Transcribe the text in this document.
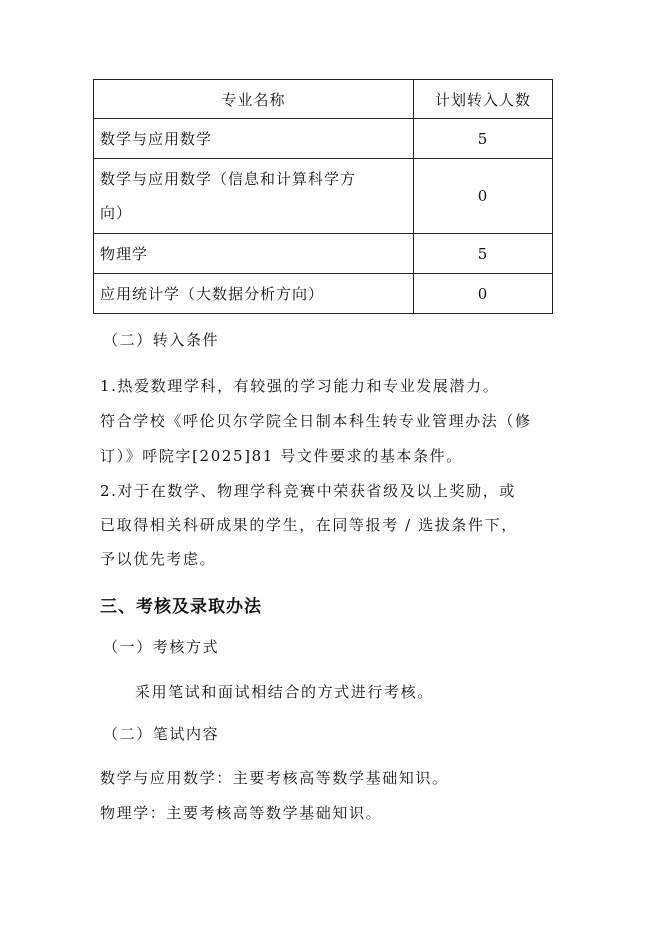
专业名称	计划转入人数
数学与应用数学	5

数学与应用数学（信息和计算科学方
向）	0
物理学	5
应用统计学（大数据分析方向）	0
（二）转入条件
1.热爱数理学科，有较强的学习能力和专业发展潜力。
符合学校《呼伦贝尔学院全日制本科生转专业管理办法（修
订）》呼院字[2025]81 号文件要求的基本条件。
2.对于在数学、物理学科竞赛中荣获省级及以上奖励，或
已取得相关科研成果的学生，在同等报考 / 选拔条件下，
予以优先考虑。
三、考核及录取办法
（一）考核方式
采用笔试和面试相结合的方式进行考核。
（二）笔试内容
数学与应用数学：主要考核高等数学基础知识。
物理学：主要考核高等数学基础知识。
